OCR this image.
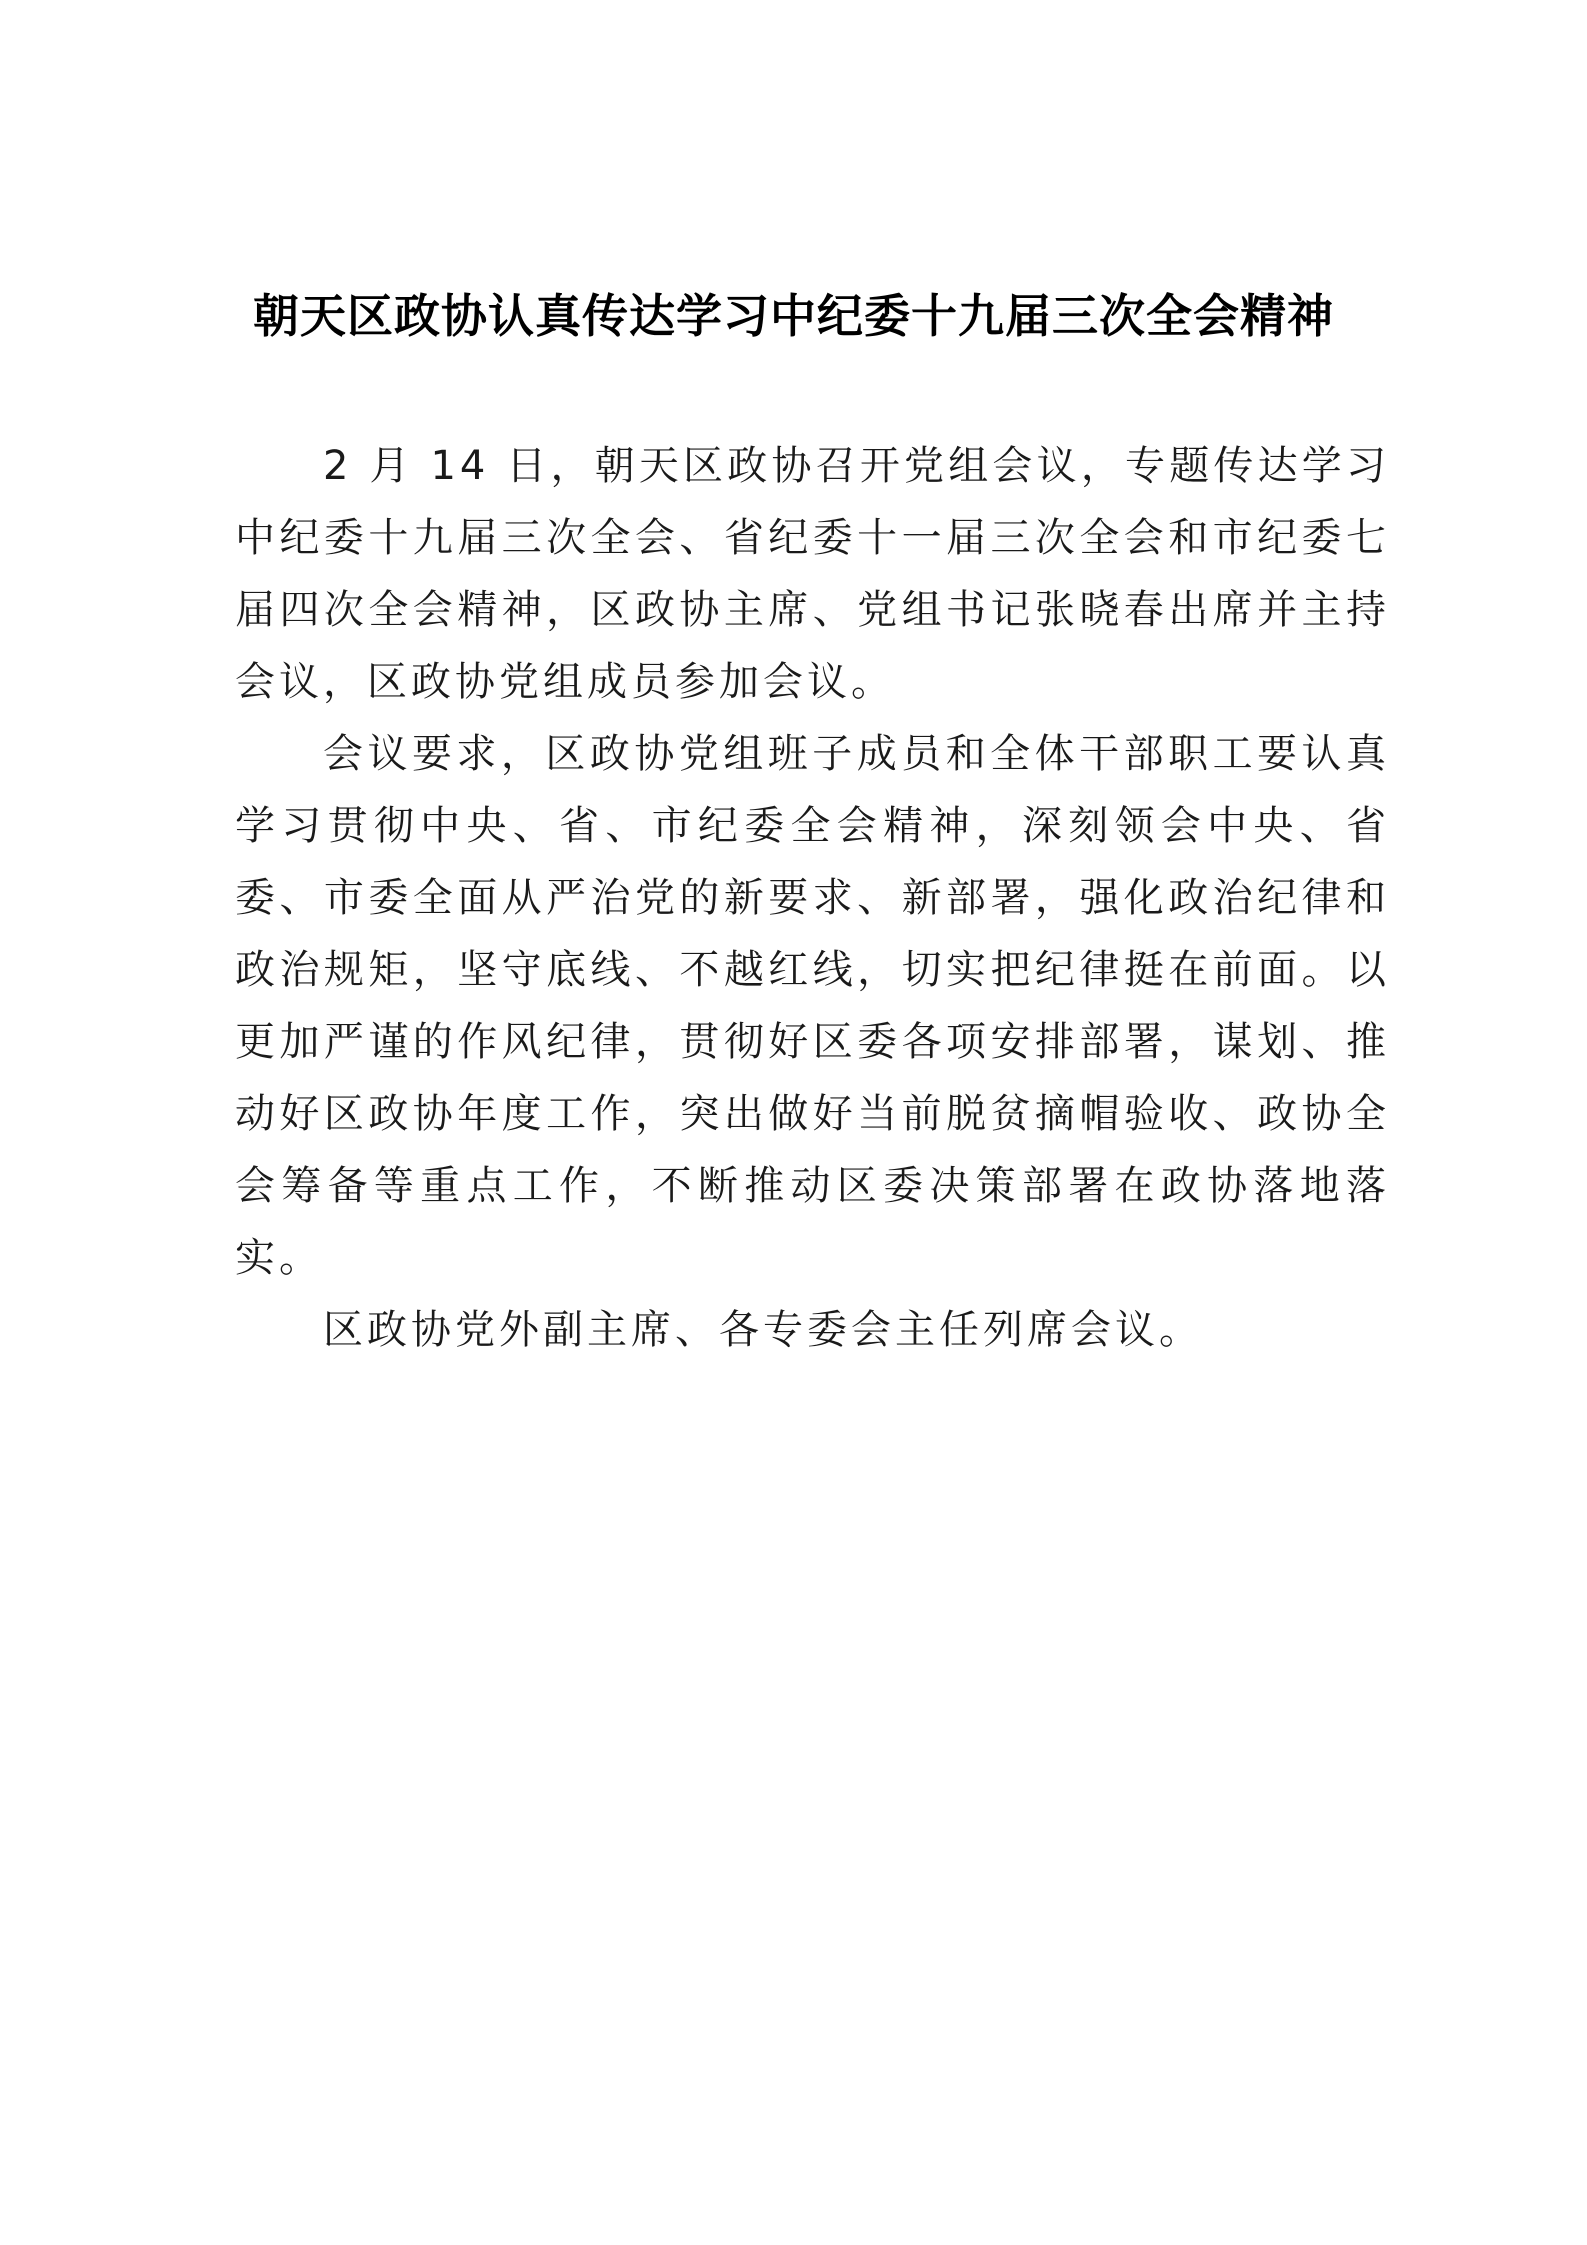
朝天区政协认真传达学习中纪委十九届三次全会精神

2 月 14 日，朝天区政协召开党组会议，专题传达学习中纪委十九届三次全会、省纪委十一届三次全会和市纪委七届四次全会精神，区政协主席、党组书记张晓春出席并主持会议，区政协党组成员参加会议。

会议要求，区政协党组班子成员和全体干部职工要认真学习贯彻中央、省、市纪委全会精神，深刻领会中央、省委、市委全面从严治党的新要求、新部署，强化政治纪律和政治规矩，坚守底线、不越红线，切实把纪律挺在前面。以更加严谨的作风纪律，贯彻好区委各项安排部署，谋划、推动好区政协年度工作，突出做好当前脱贫摘帽验收、政协全会筹备等重点工作，不断推动区委决策部署在政协落地落实。

区政协党外副主席、各专委会主任列席会议。
